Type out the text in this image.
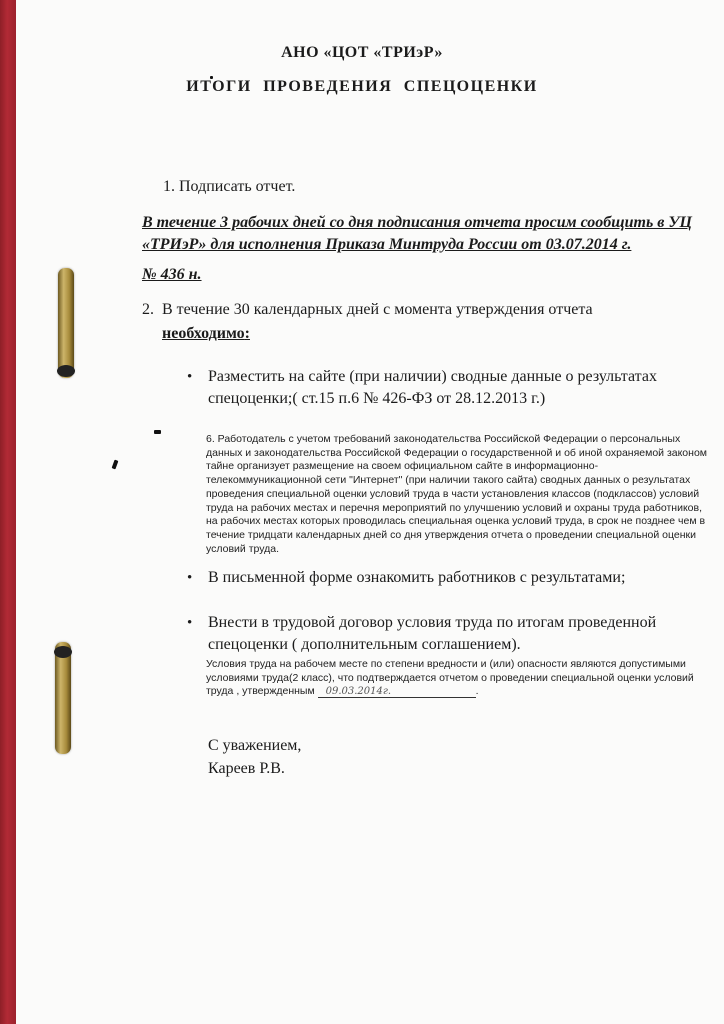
АНО «ЦОТ «ТРИэР»
ИТОГИ ПРОВЕДЕНИЯ СПЕЦОЦЕНКИ
1. Подписать отчет.
В течение 3 рабочих дней со дня подписания отчета просим сообщить в УЦ «ТРИэР» для исполнения Приказа Минтруда России от 03.07.2014 г.
№ 436 н.
2. В течение 30 календарных дней с момента утверждения отчета
необходимо:
• Разместить на сайте (при наличии) сводные данные о результатах спецоценки;( ст.15 п.6 № 426-ФЗ от 28.12.2013 г.)
6. Работодатель с учетом требований законодательства Российской Федерации о персональных данных и законодательства Российской Федерации о государственной и об иной охраняемой законом тайне организует размещение на своем официальном сайте в информационно-телекоммуникационной сети "Интернет" (при наличии такого сайта) сводных данных о результатах проведения специальной оценки условий труда в части установления классов (подклассов) условий труда на рабочих местах и перечня мероприятий по улучшению условий и охраны труда работников, на рабочих местах которых проводилась специальная оценка условий труда, в срок не позднее чем в течение тридцати календарных дней со дня утверждения отчета о проведении специальной оценки условий труда.
• В письменной форме ознакомить работников с результатами;
• Внести в трудовой договор условия труда по итогам проведенной спецоценки ( дополнительным соглашением).
Условия труда на рабочем месте по степени вредности и (или) опасности являются допустимыми условиями труда(2 класс), что подтверждается отчетом о проведении специальной оценки условий труда , утвержденным 09.03.2014г.	.
С уважением,
Кареев Р.В.
